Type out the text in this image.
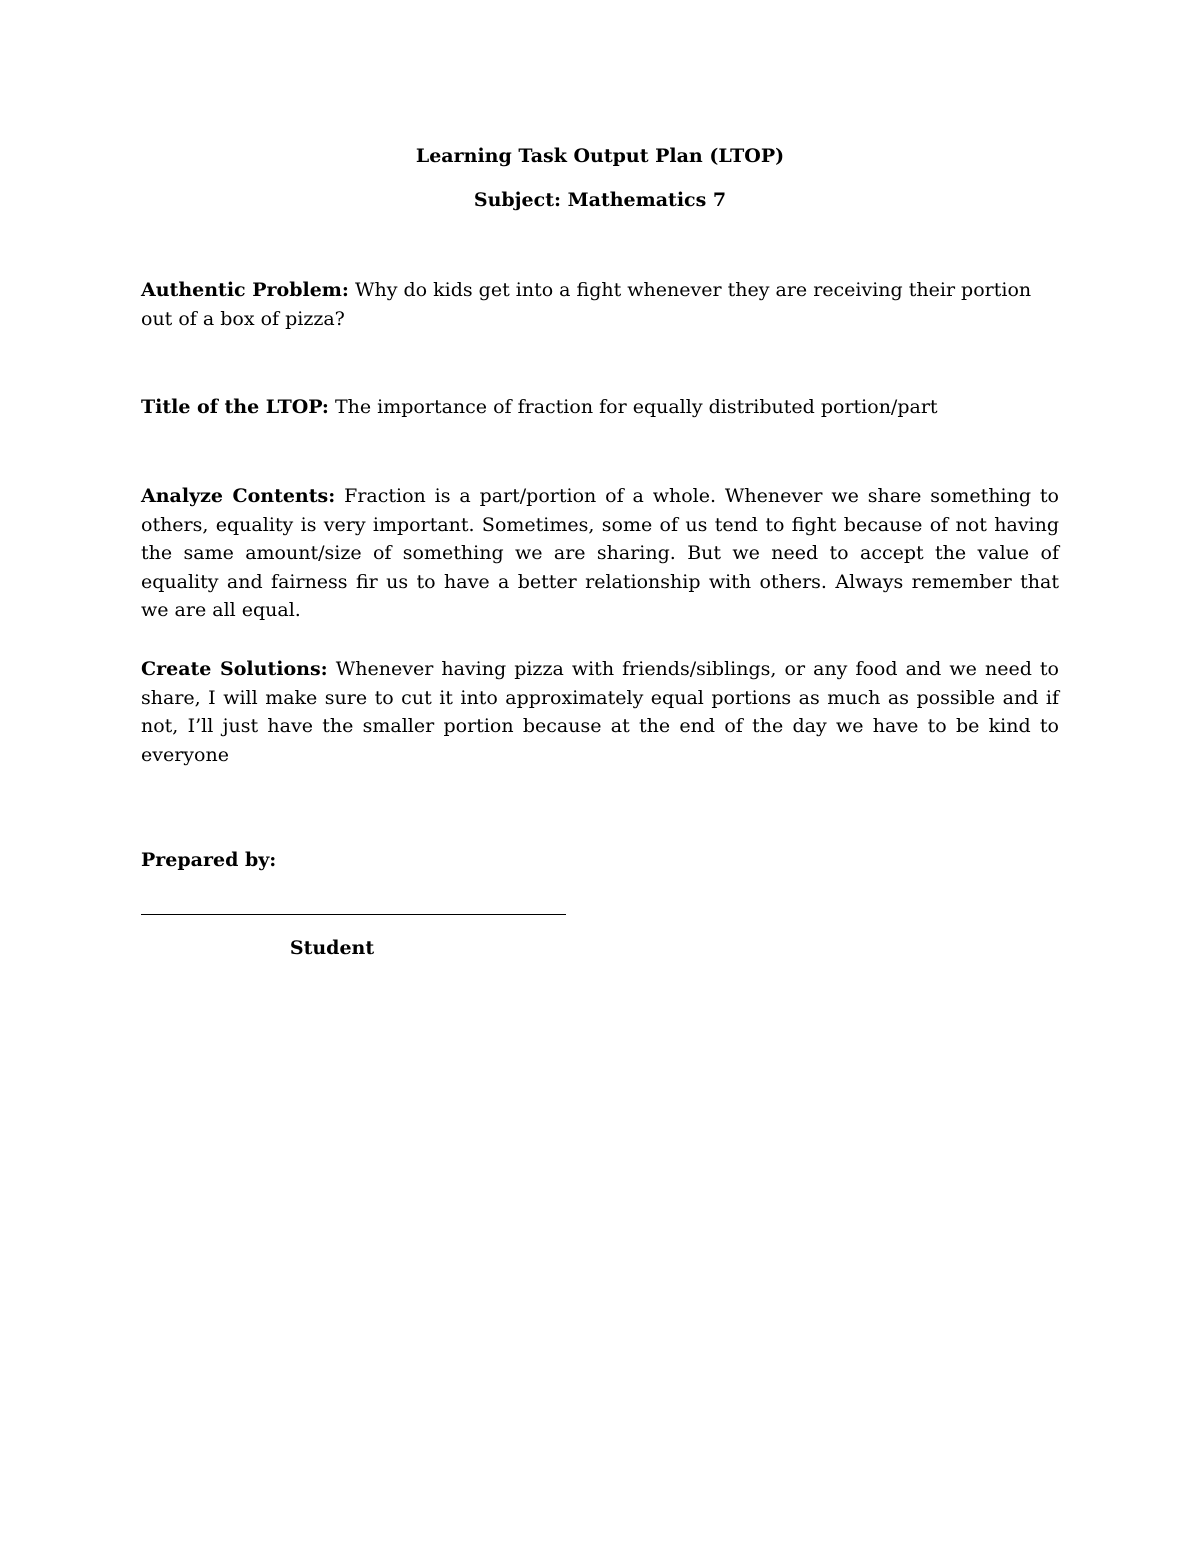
Learning Task Output Plan (LTOP)
Subject: Mathematics 7
Authentic Problem: Why do kids get into a fight whenever they are receiving their portion out of a box of pizza?
Title of the LTOP: The importance of fraction for equally distributed portion/part
Analyze Contents: Fraction is a part/portion of a whole. Whenever we share something to others, equality is very important. Sometimes, some of us tend to fight because of not having the same amount/size of something we are sharing. But we need to accept the value of equality and fairness fir us to have a better relationship with others. Always remember that we are all equal.
Create Solutions: Whenever having pizza with friends/siblings, or any food and we need to share, I will make sure to cut it into approximately equal portions as much as possible and if not, I’ll just have the smaller portion because at the end of the day we have to be kind to everyone
Prepared by:
Student
